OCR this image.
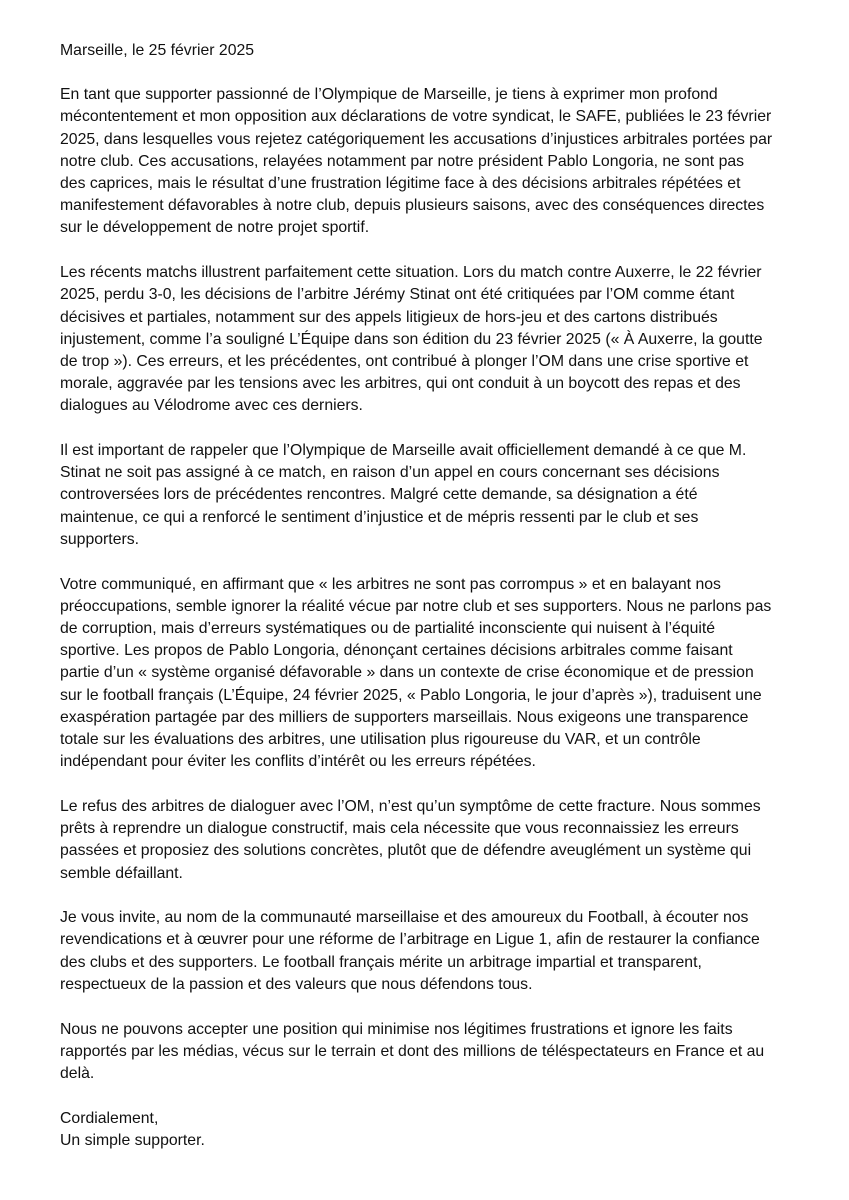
Marseille, le 25 février 2025
En tant que supporter passionné de l’Olympique de Marseille, je tiens à exprimer mon profond
mécontentement et mon opposition aux déclarations de votre syndicat, le SAFE, publiées le 23 février
2025, dans lesquelles vous rejetez catégoriquement les accusations d’injustices arbitrales portées par
notre club. Ces accusations, relayées notamment par notre président Pablo Longoria, ne sont pas
des caprices, mais le résultat d’une frustration légitime face à des décisions arbitrales répétées et
manifestement défavorables à notre club, depuis plusieurs saisons, avec des conséquences directes
sur le développement de notre projet sportif.
Les récents matchs illustrent parfaitement cette situation. Lors du match contre Auxerre, le 22 février
2025, perdu 3-0, les décisions de l’arbitre Jérémy Stinat ont été critiquées par l’OM comme étant
décisives et partiales, notamment sur des appels litigieux de hors-jeu et des cartons distribués
injustement, comme l’a souligné L’Équipe dans son édition du 23 février 2025 (« À Auxerre, la goutte
de trop »). Ces erreurs, et les précédentes, ont contribué à plonger l’OM dans une crise sportive et
morale, aggravée par les tensions avec les arbitres, qui ont conduit à un boycott des repas et des
dialogues au Vélodrome avec ces derniers.
Il est important de rappeler que l’Olympique de Marseille avait officiellement demandé à ce que M.
Stinat ne soit pas assigné à ce match, en raison d’un appel en cours concernant ses décisions
controversées lors de précédentes rencontres. Malgré cette demande, sa désignation a été
maintenue, ce qui a renforcé le sentiment d’injustice et de mépris ressenti par le club et ses
supporters.
Votre communiqué, en affirmant que « les arbitres ne sont pas corrompus » et en balayant nos
préoccupations, semble ignorer la réalité vécue par notre club et ses supporters. Nous ne parlons pas
de corruption, mais d’erreurs systématiques ou de partialité inconsciente qui nuisent à l’équité
sportive. Les propos de Pablo Longoria, dénonçant certaines décisions arbitrales comme faisant
partie d’un « système organisé défavorable » dans un contexte de crise économique et de pression
sur le football français (L’Équipe, 24 février 2025, « Pablo Longoria, le jour d’après »), traduisent une
exaspération partagée par des milliers de supporters marseillais. Nous exigeons une transparence
totale sur les évaluations des arbitres, une utilisation plus rigoureuse du VAR, et un contrôle
indépendant pour éviter les conflits d’intérêt ou les erreurs répétées.
Le refus des arbitres de dialoguer avec l’OM, n’est qu’un symptôme de cette fracture. Nous sommes
prêts à reprendre un dialogue constructif, mais cela nécessite que vous reconnaissiez les erreurs
passées et proposiez des solutions concrètes, plutôt que de défendre aveuglément un système qui
semble défaillant.
Je vous invite, au nom de la communauté marseillaise et des amoureux du Football, à écouter nos
revendications et à œuvrer pour une réforme de l’arbitrage en Ligue 1, afin de restaurer la confiance
des clubs et des supporters. Le football français mérite un arbitrage impartial et transparent,
respectueux de la passion et des valeurs que nous défendons tous.
Nous ne pouvons accepter une position qui minimise nos légitimes frustrations et ignore les faits
rapportés par les médias, vécus sur le terrain et dont des millions de téléspectateurs en France et au
delà.
Cordialement,
Un simple supporter.
